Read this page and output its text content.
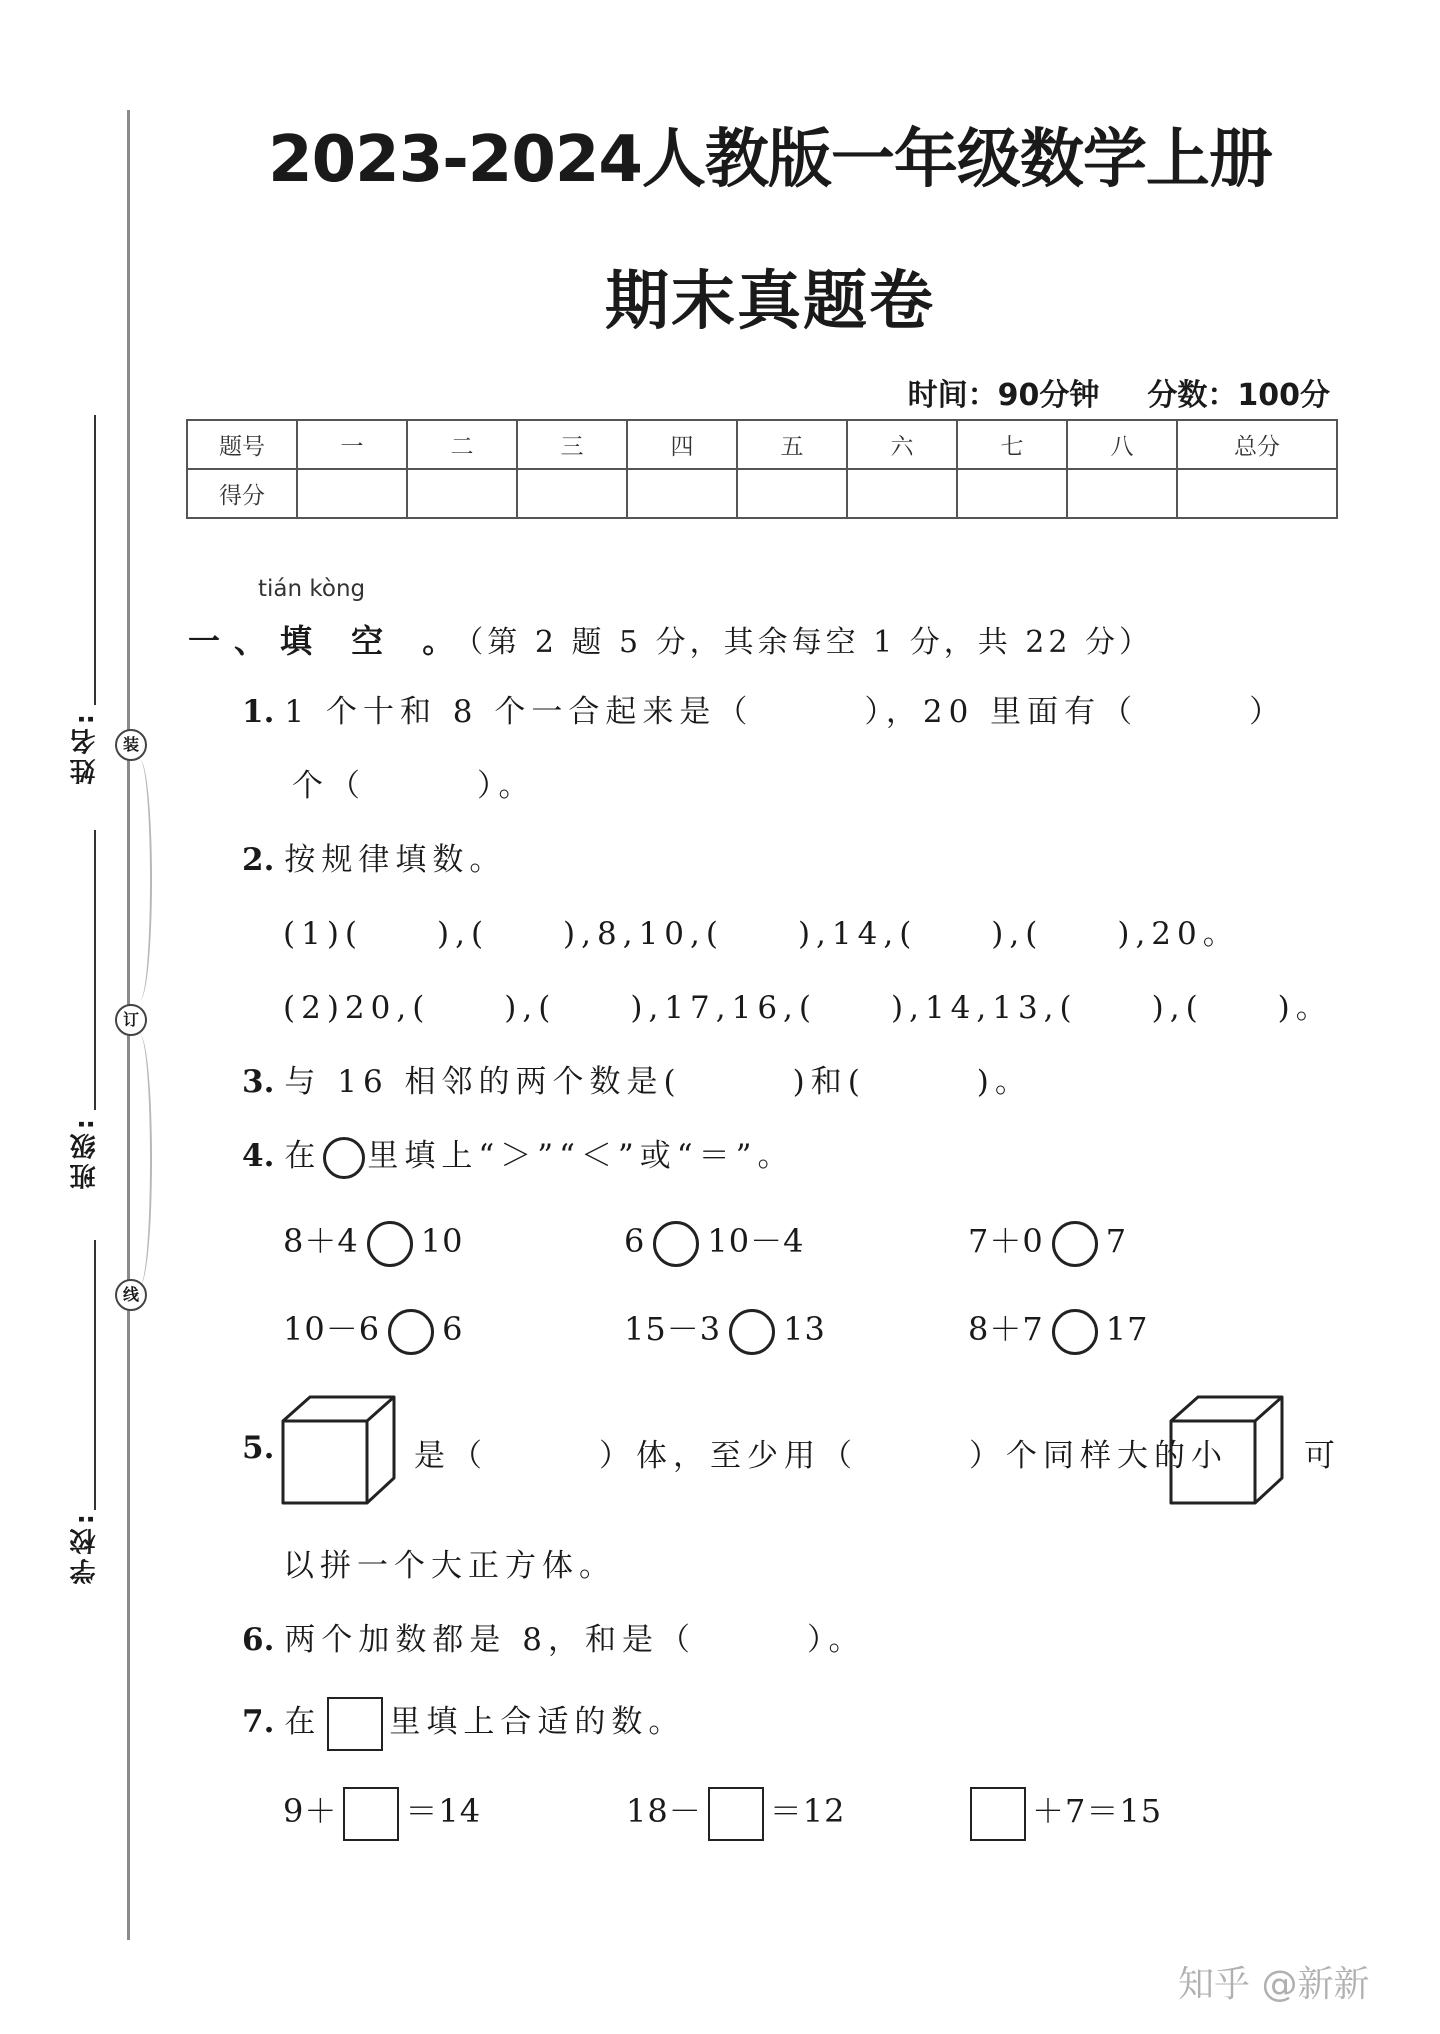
装
订
线
姓名:
班级:
学校:
2023-2024人教版一年级数学上册
期末真题卷
时间：90分钟 分数：100分
题号	一	二	三	四	五	六	七	八	总分
得分									
tián kòng
一、填 空 。（第 2 题 5 分，其余每空 1 分，共 22 分）
1. 1 个十和 8 个一合起来是（　　　），20 里面有（　　　）
个（　　　）。
2. 按规律填数。
(1)(　　),(　　),8,10,(　　),14,(　　),(　　),20。
(2)20,(　　),(　　),17,16,(　　),14,13,(　　),(　　)。
3. 与 16 相邻的两个数是(　　　)和(　　　)。
4. 在 里填上“＞”“＜”或“＝”。
8＋4 10	6 10－4	7＋0 7
10－6 6	15－3 13	8＋7 17
5.	是（　　　）体，至少用（　　　）个同样大的小 可
以拼一个大正方体。
6. 两个加数都是 8，和是（　　　）。
7. 在 里填上合适的数。
9＋ ＝14	18－ ＝12	＋7＝15
知乎 @新新
